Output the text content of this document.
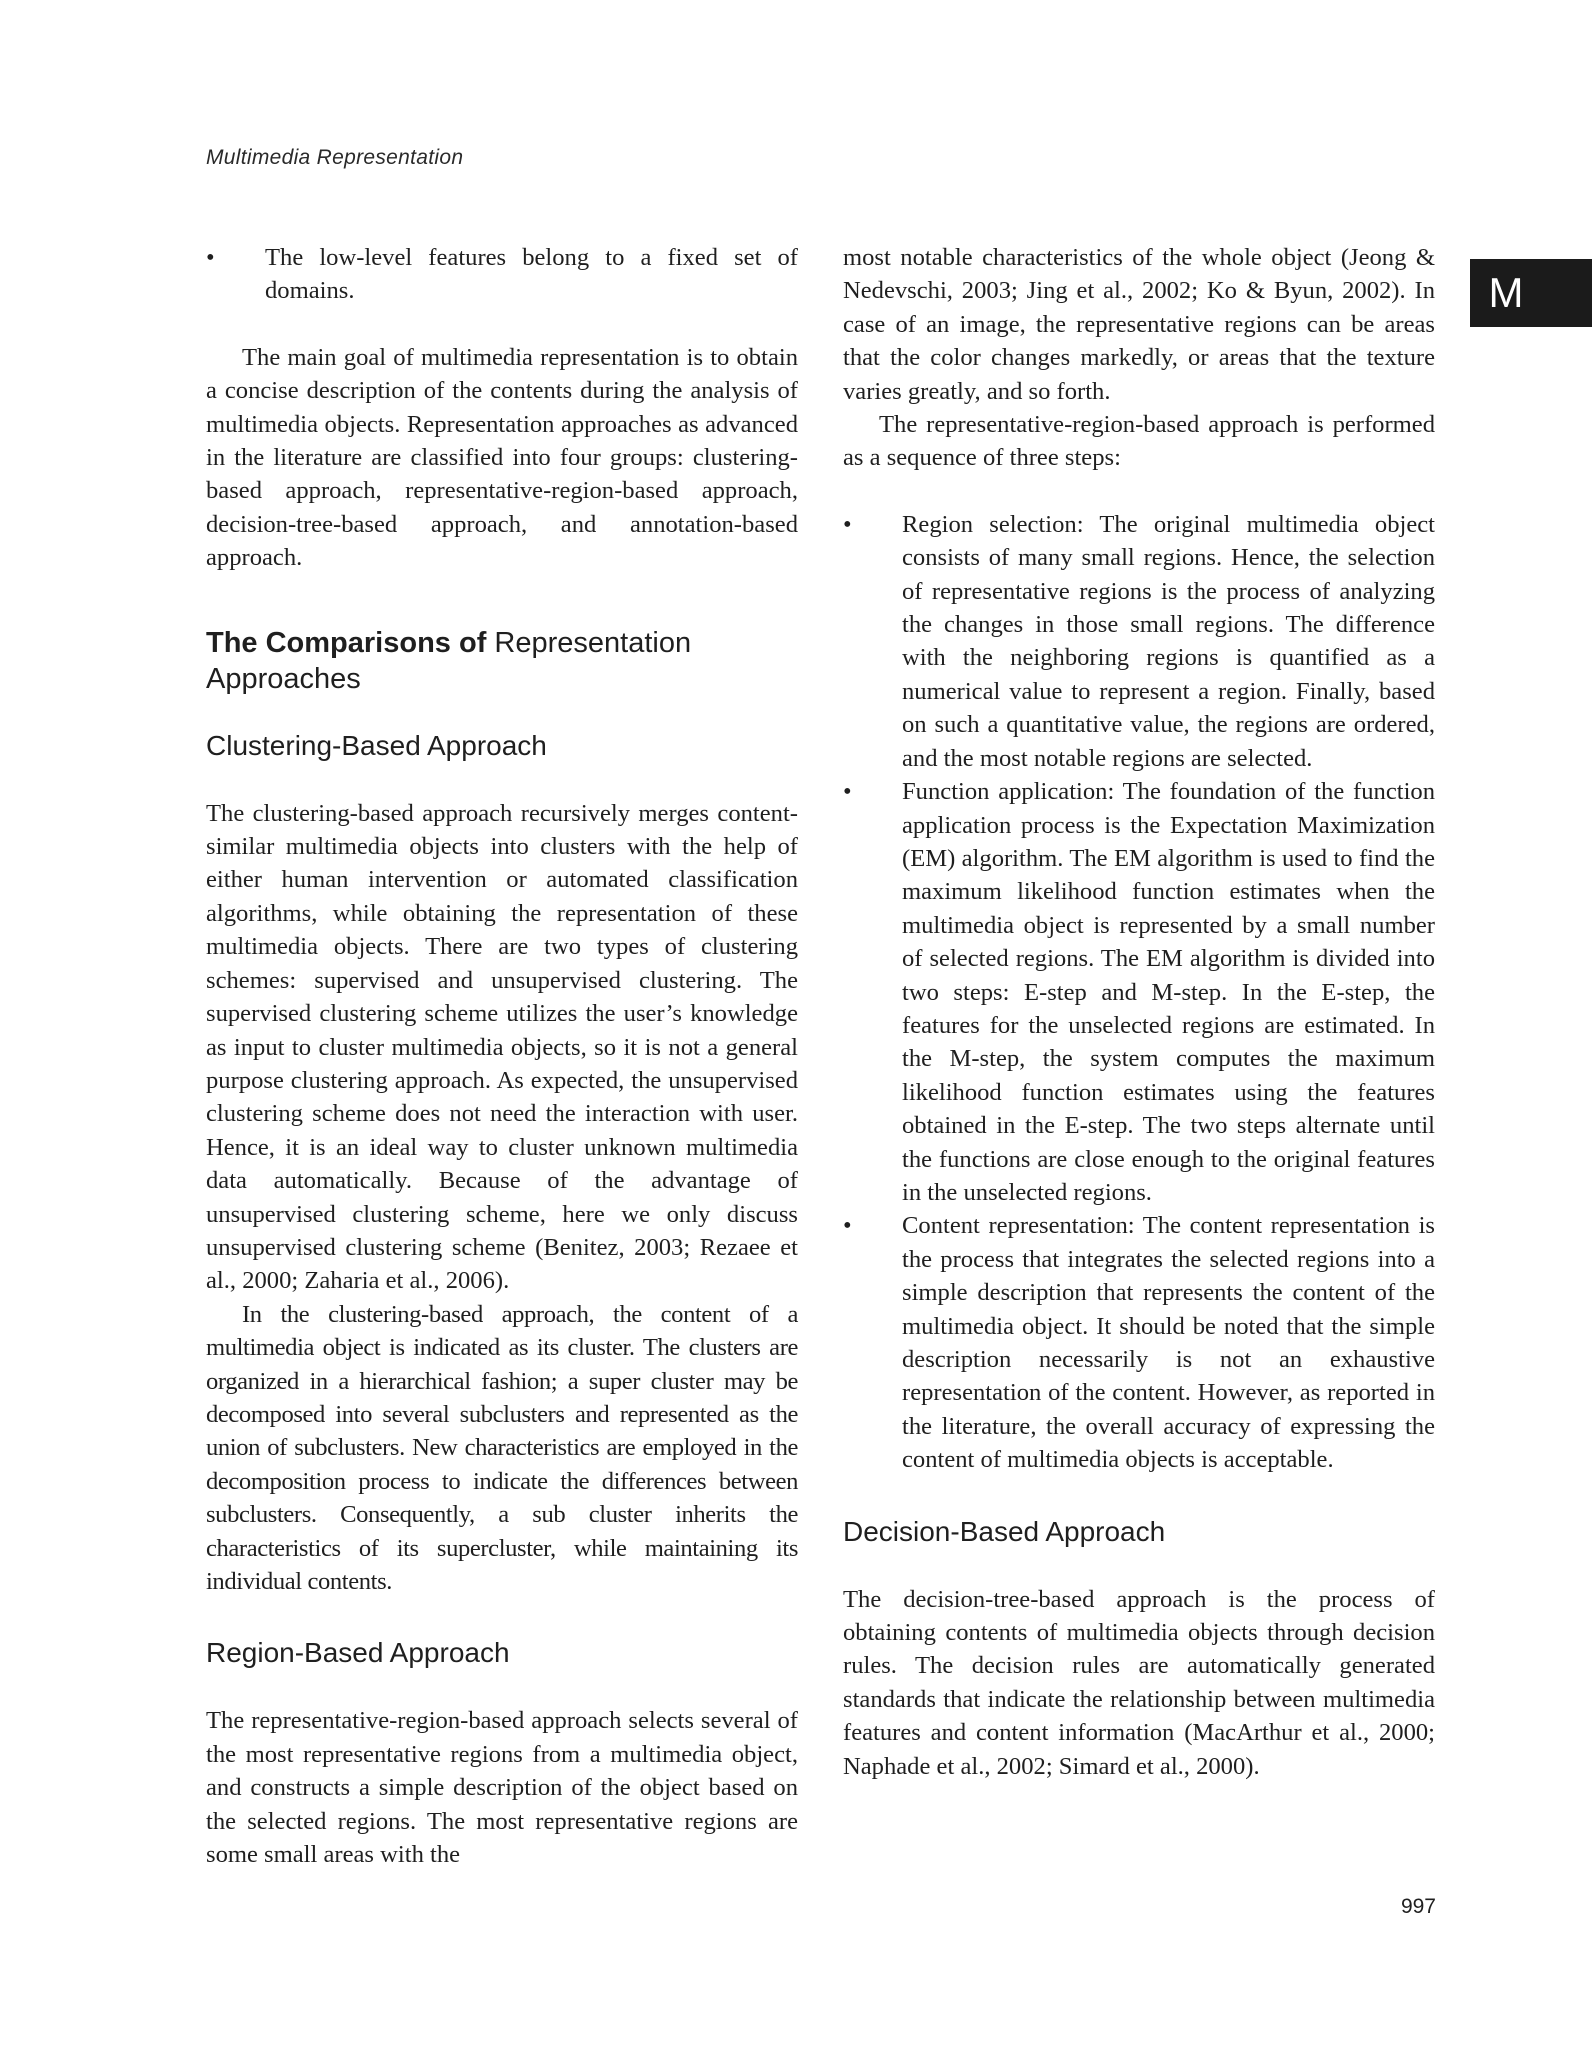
Multimedia Representation
M
• The low-level features belong to a fixed set of domains.

The main goal of multimedia representation is to obtain a concise description of the contents during the analysis of multimedia objects. Representation approaches as advanced in the literature are classified into four groups: clustering-based approach, representative-region-based approach, decision-tree-based approach, and annotation-based approach.

The Comparisons of Representation Approaches
Clustering-Based Approach

The clustering-based approach recursively merges content-similar multimedia objects into clusters with the help of either human intervention or automated classification algorithms, while obtaining the representation of these multimedia objects. There are two types of clustering schemes: supervised and unsupervised clustering. The supervised clustering scheme utilizes the user’s knowledge as input to cluster multimedia objects, so it is not a general purpose clustering approach. As expected, the unsupervised clustering scheme does not need the interaction with user. Hence, it is an ideal way to cluster unknown multimedia data automatically. Because of the advantage of unsupervised clustering scheme, here we only discuss unsupervised clustering scheme (Benitez, 2003; Rezaee et al., 2000; Zaharia et al., 2006).

In the clustering-based approach, the content of a multimedia object is indicated as its cluster. The clusters are organized in a hierarchical fashion; a super cluster may be decomposed into several subclusters and represented as the union of subclusters. New characteristics are employed in the decomposition process to indicate the differences between subclusters. Consequently, a sub cluster inherits the characteristics of its supercluster, while maintaining its individual contents.

Region-Based Approach

The representative-region-based approach selects several of the most representative regions from a multimedia object, and constructs a simple description of the object based on the selected regions. The most representative regions are some small areas with the

most notable characteristics of the whole object (Jeong & Nedevschi, 2003; Jing et al., 2002; Ko & Byun, 2002). In case of an image, the representative regions can be areas that the color changes markedly, or areas that the texture varies greatly, and so forth.

The representative-region-based approach is performed as a sequence of three steps:

• Region selection: The original multimedia object consists of many small regions. Hence, the selection of representative regions is the process of analyzing the changes in those small regions. The difference with the neighboring regions is quantified as a numerical value to represent a region. Finally, based on such a quantitative value, the regions are ordered, and the most notable regions are selected.
• Function application: The foundation of the function application process is the Expectation Maximization (EM) algorithm. The EM algorithm is used to find the maximum likelihood function estimates when the multimedia object is represented by a small number of selected regions. The EM algorithm is divided into two steps: E-step and M-step. In the E-step, the features for the unselected regions are estimated. In the M-step, the system computes the maximum likelihood function estimates using the features obtained in the E-step. The two steps alternate until the functions are close enough to the original features in the unselected regions.
• Content representation: The content representation is the process that integrates the selected regions into a simple description that represents the content of the multimedia object. It should be noted that the simple description necessarily is not an exhaustive representation of the content. However, as reported in the literature, the overall accuracy of expressing the content of multimedia objects is acceptable.
Decision-Based Approach

The decision-tree-based approach is the process of obtaining contents of multimedia objects through decision rules. The decision rules are automatically generated standards that indicate the relationship between multimedia features and content information (MacArthur et al., 2000; Naphade et al., 2002; Simard et al., 2000).

997
